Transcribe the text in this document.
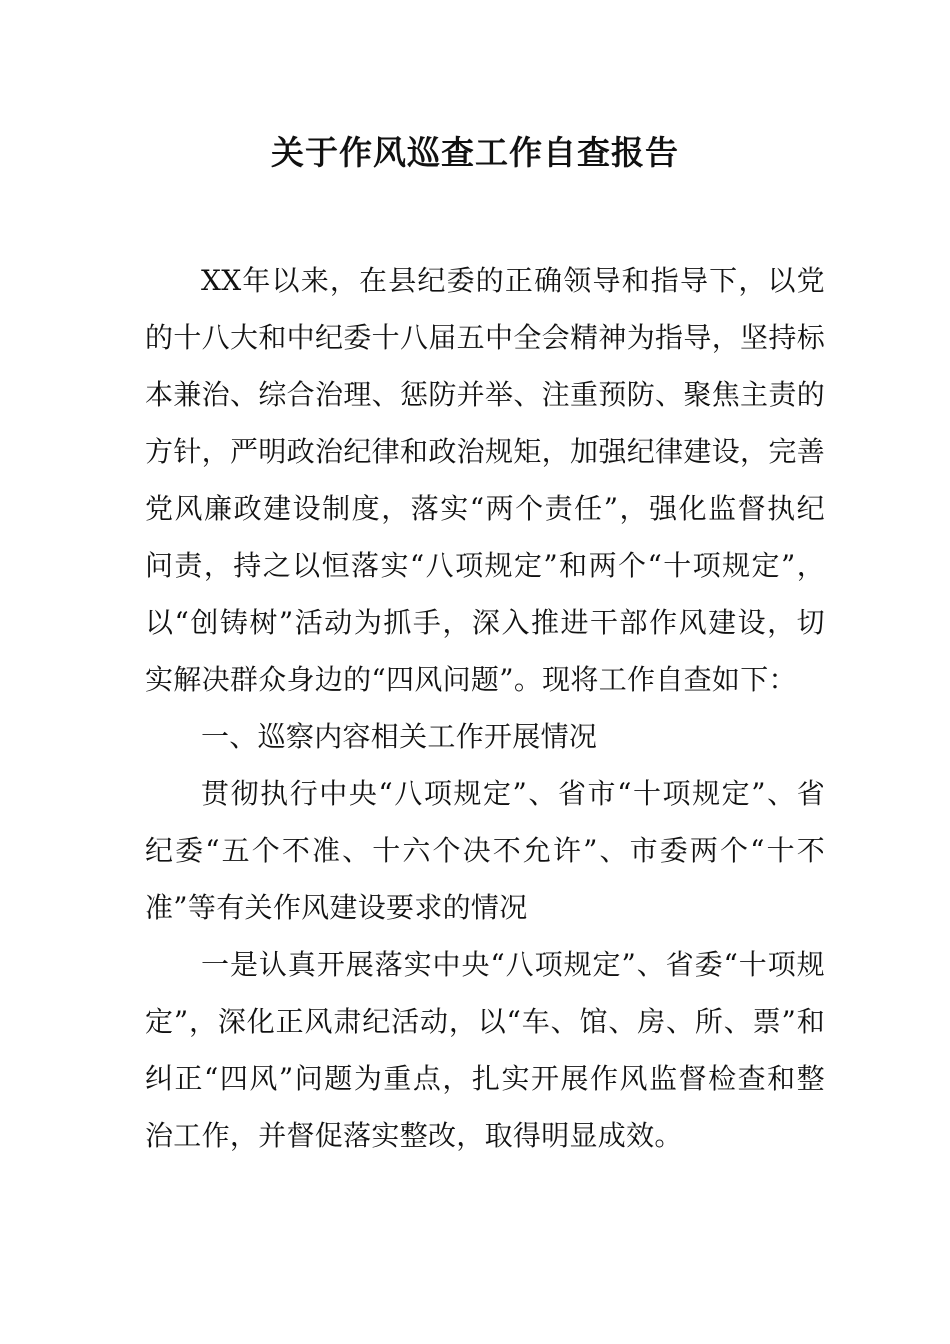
关于作风巡查工作自查报告

XX年以来，在县纪委的正确领导和指导下，以党的十八大和中纪委十八届五中全会精神为指导，坚持标本兼治、综合治理、惩防并举、注重预防、聚焦主责的方针，严明政治纪律和政治规矩，加强纪律建设，完善党风廉政建设制度，落实“两个责任”，强化监督执纪问责，持之以恒落实“八项规定”和两个“十项规定”，以“创铸树”活动为抓手，深入推进干部作风建设，切实解决群众身边的“四风问题”。现将工作自查如下：

一、巡察内容相关工作开展情况

贯彻执行中央“八项规定”、省市“十项规定”、省纪委“五个不准、十六个决不允许”、市委两个“十不准”等有关作风建设要求的情况

一是认真开展落实中央“八项规定”、省委“十项规定”，深化正风肃纪活动，以“车、馆、房、所、票”和纠正“四风”问题为重点，扎实开展作风监督检查和整治工作，并督促落实整改，取得明显成效。
